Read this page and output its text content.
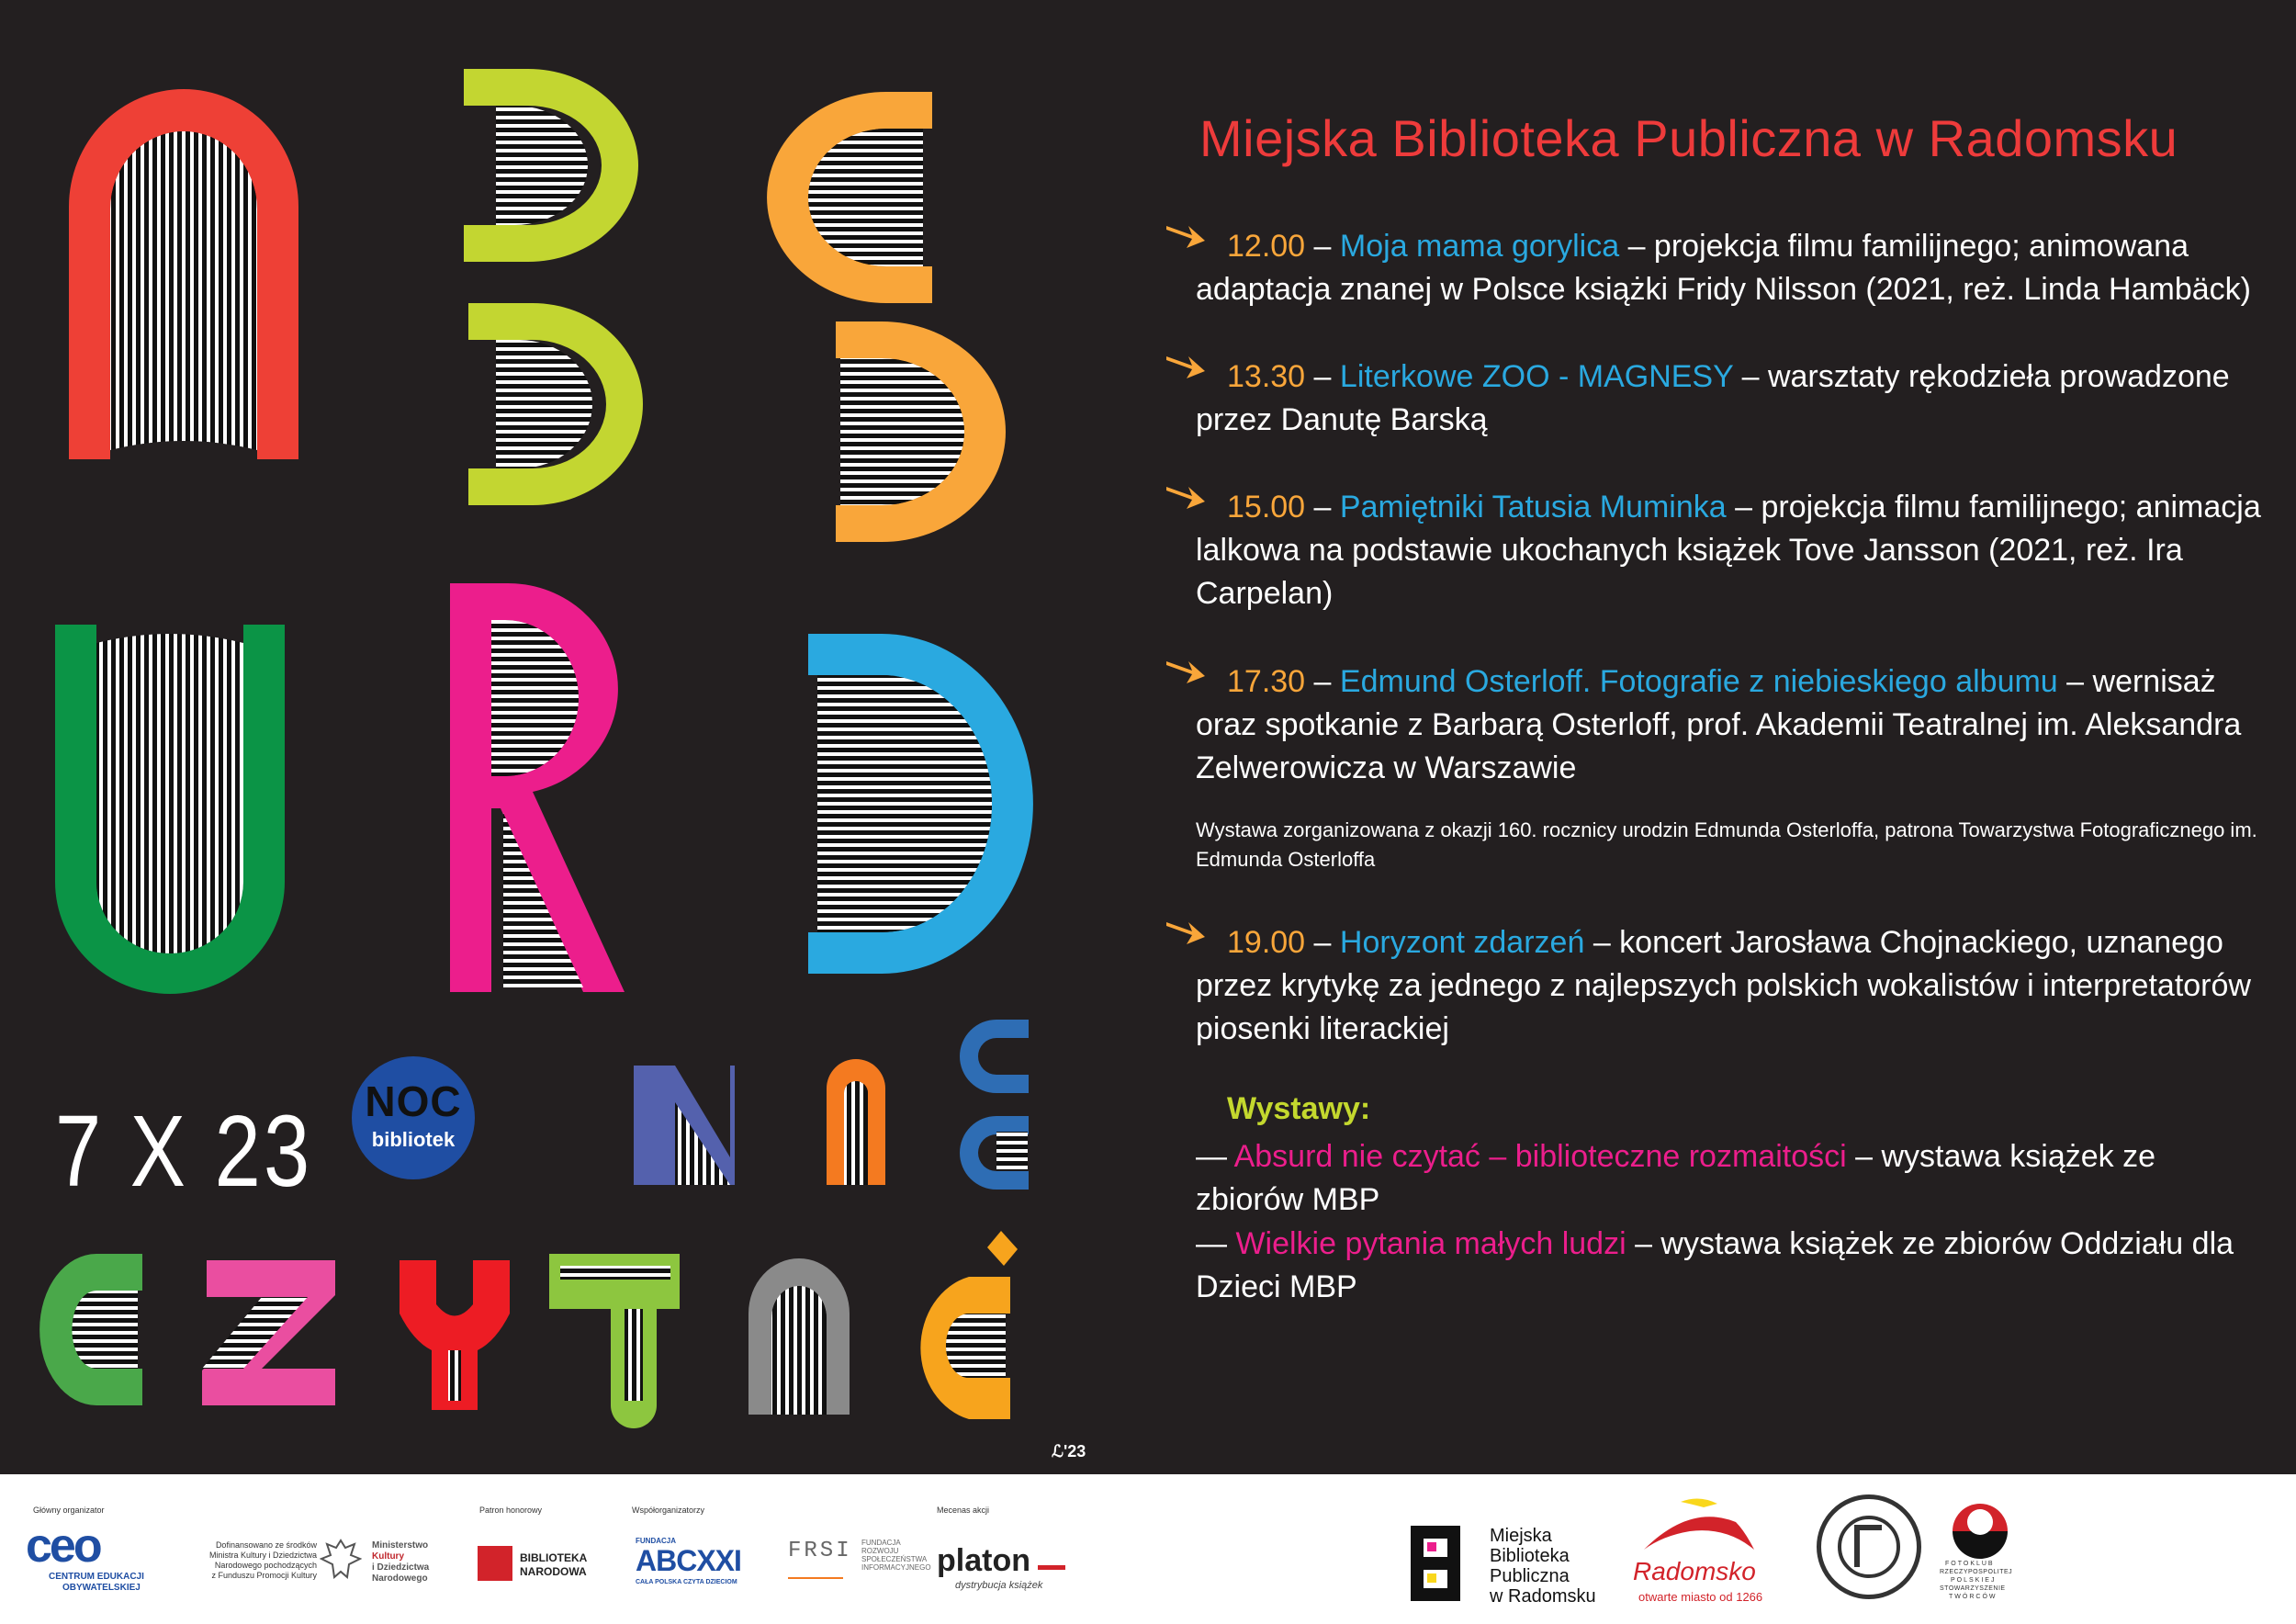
7 X 23	NOC
bibliotek
ℒ'23
Miejska Biblioteka Publiczna w Radomsku
12.00 – Moja mama gorylica – projekcja filmu familijnego; animowana adaptacja znanej w Polsce książki Fridy Nilsson (2021, reż. Linda Hambäck)
13.30 – Literkowe ZOO - MAGNESY – warsztaty rękodzieła prowadzone przez Danutę Barską
15.00 – Pamiętniki Tatusia Muminka – projekcja filmu familijnego; animacja lalkowa na podstawie ukochanych książek Tove Jansson (2021, reż. Ira Carpelan)
17.30 – Edmund Osterloff. Fotografie z niebieskiego albumu – wernisaż oraz spotkanie z Barbarą Osterloff, prof. Akademii Teatralnej im. Aleksandra Zelwerowicza w Warszawie
Wystawa zorganizowana z okazji 160. rocznicy urodzin Edmunda Osterloffa, patrona Towarzystwa Fotograficznego im. Edmunda Osterloffa
19.00 – Horyzont zdarzeń – koncert Jarosława Chojnackiego, uznanego przez krytykę za jednego z najlepszych polskich wokalistów i interpretatorów piosenki literackiej
Wystawy:
— Absurd nie czytać – biblioteczne rozmaitości – wystawa książek ze zbiorów MBP
— Wielkie pytania małych ludzi – wystawa książek ze zbiorów Oddziału dla Dzieci MBP
Główny organizator
ceo
CENTRUM EDUKACJI
OBYWATELSKIEJ
Dofinansowano ze środków
Ministra Kultury i Dziedzictwa
Narodowego pochodzących
z Funduszu Promocji Kultury
Ministerstwo
Kultury
i Dziedzictwa
Narodowego
Patron honorowy
BIBLIOTEKA
NARODOWA
Współorganizatorzy
FUNDACJA
ABCXXI
CAŁA POLSKA CZYTA DZIECIOM
FRSI FUNDACJA
ROZWOJU
SPOŁECZEŃSTWA
INFORMACYJNEGO
Mecenas akcji
platon
dystrybucja książek
Miejska
Biblioteka
Publiczna
w Radomsku
Radomsko
otwarte miasto od 1266
FOTOKLUB
RZECZYPOSPOLITEJ
POLSKIEJ
STOWARZYSZENIE
TWÓRCÓW
